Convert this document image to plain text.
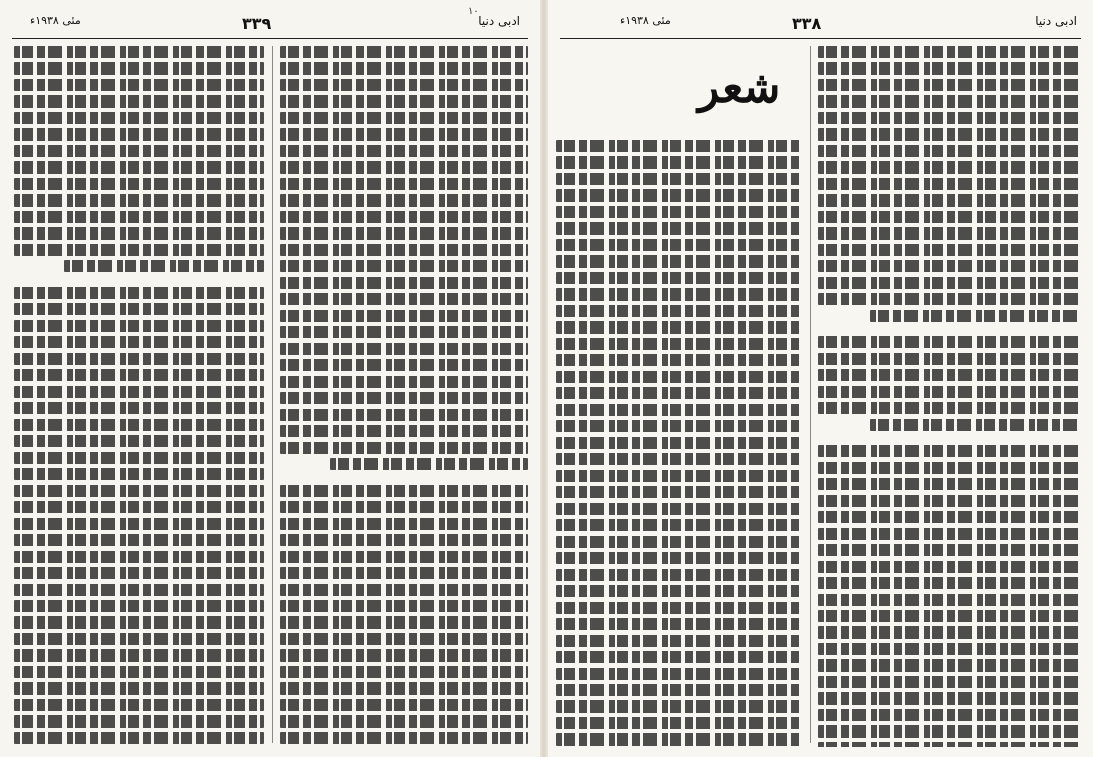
مئی ۱۹۳۸ء	۳۳۹	ادبی دنیا
۱۰
مئی ۱۹۳۸ء	۳۳۸	ادبی دنیا
شعر
